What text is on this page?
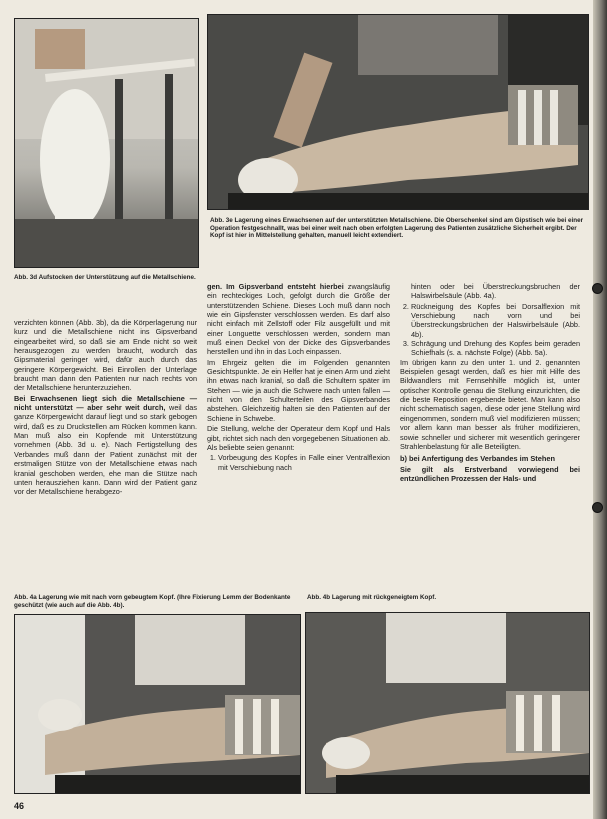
Abb. 3d Aufstocken der Unterstützung auf die Metallschiene.

Abb. 3e Lagerung eines Erwachsenen auf der unterstützten Metallschiene. Die Oberschenkel sind am Gipstisch wie bei einer Operation festgeschnallt, was bei einer weit nach oben erfolgten Lagerung des Patienten zusätzliche Sicherheit ergibt. Der Kopf ist hier in Mittelstellung gehalten, manuell leicht extendiert.

verzichten können (Abb. 3b), da die Körperlagerung nur kurz und die Metallschiene nicht ins Gipsverband eingearbeitet wird, so daß sie am Ende nicht so weit herausgezogen zu werden braucht, wodurch das Gipsmaterial geringer wird, dafür auch durch das geringere Körpergewicht. Bei Einrollen der Unterlage braucht man dann den Patienten nur nach rechts von der Metallschiene herunterzuziehen.

Bei Erwachsenen liegt sich die Metallschiene — nicht unterstützt — aber sehr weit durch, weil das ganze Körpergewicht darauf liegt und so stark gebogen wird, daß es zu Druckstellen am Rücken kommen kann. Man muß also ein Kopfende mit Unterstützung vornehmen (Abb. 3d u. e). Nach Fertigstellung des Verbandes muß dann der Patient zunächst mit der erstmaligen Stütze von der Metallschiene etwas nach kranial geschoben werden, ehe man die Stütze nach unten herausziehen kann. Dann wird der Patient ganz vor der Metallschiene herabgezo-

gen. Im Gipsverband entsteht hierbei zwangsläufig ein rechteckiges Loch, gefolgt durch die Größe der unterstützenden Schiene. Dieses Loch muß dann noch wie ein Gipsfenster verschlossen werden. Es darf also nicht einfach mit Zellstoff oder Filz ausgefüllt und mit einer Longuette verschlossen werden, sondern man muß einen Deckel von der Dicke des Gipsverbandes herstellen und ihn in das Loch einpassen.

Im Ehrgeiz gelten die im Folgenden genannten Gesichtspunkte. Je ein Helfer hat je einen Arm und zieht ihn etwas nach kranial, so daß die Schultern später im Stehen — wie ja auch die Schwere nach unten fallen — nicht von den Schulterteilen des Gipsverbandes abstehen. Gleichzeitig halten sie den Patienten auf der Schiene in Schwebe.

Die Stellung, welche der Operateur dem Kopf und Hals gibt, richtet sich nach den vorgegebenen Situationen ab. Als beliebte seien genannt:

1. Vorbeugung des Kopfes in Falle einer Ventralflexion mit Verschiebung nach

hinten oder bei Überstreckungsbruchen der Halswirbelsäule (Abb. 4a).

2. Rückneigung des Kopfes bei Dorsalflexion mit Verschiebung nach vorn und bei Überstreckungsbrüchen der Halswirbelsäule (Abb. 4b).
3. Schrägung und Drehung des Kopfes beim geraden Schiefhals (s. a. nächste Folge) (Abb. 5a).

Im übrigen kann zu den unter 1. und 2. genannten Beispielen gesagt werden, daß es hier mit Hilfe des Bildwandlers mit Fernsehhilfe möglich ist, unter optischer Kontrolle genau die Stellung einzurichten, die die beste Reposition ergebende bietet. Man kann also nicht schematisch sagen, diese oder jene Stellung wird eingenommen, sondern muß viel modifizieren müssen; vor allem kann man besser als früher modifizieren, sowie schneller und sicherer mit wesentlich geringerer Strahlenbelastung für alle Beteiligten.

b) bei Anfertigung des Verbandes im Stehen

Sie gilt als Erstverband vorwiegend bei entzündlichen Prozessen der Hals- und

Abb. 4a Lagerung wie mit nach vorn gebeugtem Kopf. (Ihre Fixierung Lemm der Bodenkante geschützt (wie auch auf die Abb. 4b).

Abb. 4b Lagerung mit rückgeneigtem Kopf.

46
